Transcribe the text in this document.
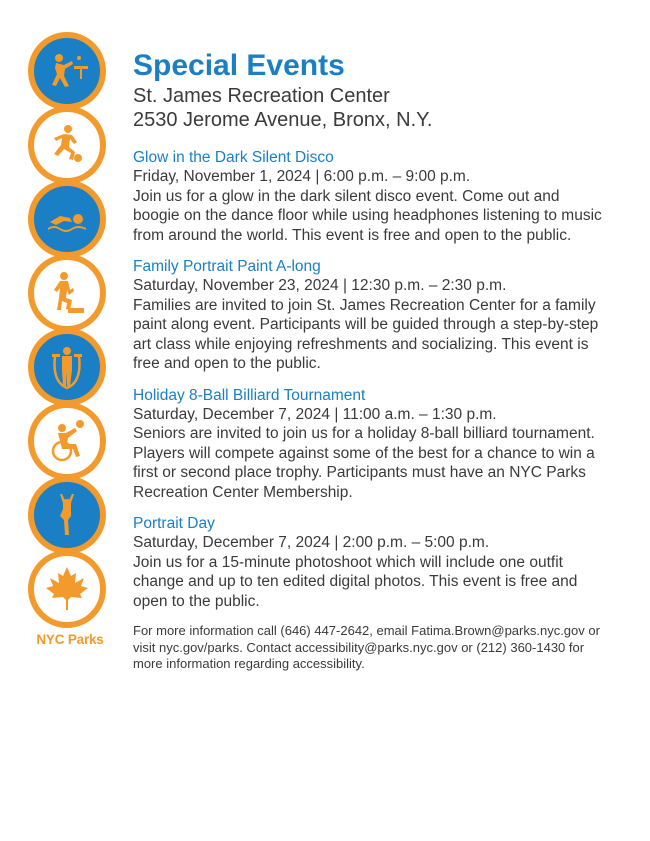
NYC Parks
Special Events
St. James Recreation Center
2530 Jerome Avenue, Bronx, N.Y.
Glow in the Dark Silent Disco

Friday, November 1, 2024 | 6:00 p.m. – 9:00 p.m.

Join us for a glow in the dark silent disco event. Come out and boogie on the dance floor while using headphones listening to music from around the world. This event is free and open to the public.

Family Portrait Paint A-long

Saturday, November 23, 2024 | 12:30 p.m. – 2:30 p.m.

Families are invited to join St. James Recreation Center for a family paint along event. Participants will be guided through a step-by-step art class while enjoying refreshments and socializing. This event is free and open to the public.

Holiday 8-Ball Billiard Tournament

Saturday, December 7, 2024 | 11:00 a.m. – 1:30 p.m.

Seniors are invited to join us for a holiday 8-ball billiard tournament. Players will compete against some of the best for a chance to win a first or second place trophy. Participants must have an NYC Parks Recreation Center Membership.

Portrait Day

Saturday, December 7, 2024 | 2:00 p.m. – 5:00 p.m.

Join us for a 15-minute photoshoot which will include one outfit change and up to ten edited digital photos. This event is free and open to the public.

For more information call (646) 447-2642, email Fatima.Brown@parks.nyc.gov or visit nyc.gov/parks. Contact accessibility@parks.nyc.gov or (212) 360-1430 for more information regarding accessibility.
